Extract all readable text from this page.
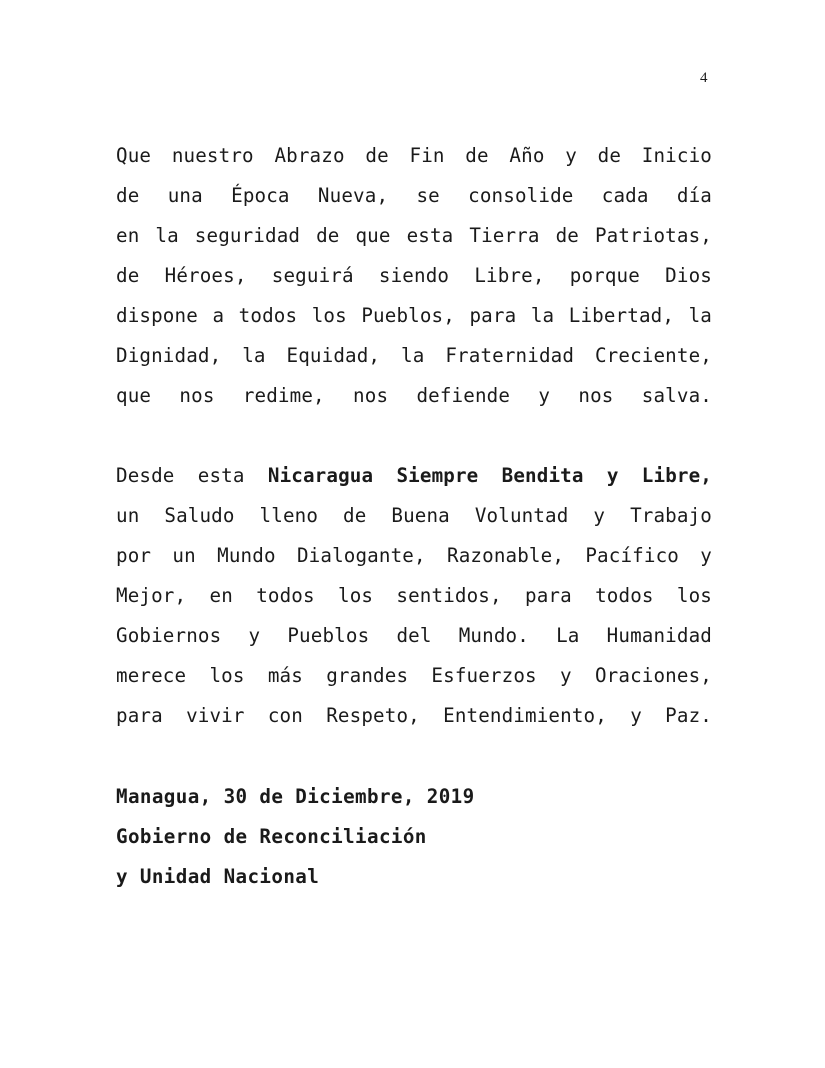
4
Que nuestro Abrazo de Fin de Año y de Inicio
de una Época Nueva, se consolide cada día
en la seguridad de que esta Tierra de Patriotas,
de Héroes, seguirá siendo Libre, porque Dios
dispone a todos los Pueblos, para la Libertad, la
Dignidad, la Equidad, la Fraternidad Creciente,
que nos redime, nos defiende y nos salva.
Desde esta Nicaragua Siempre Bendita y Libre,
un Saludo lleno de Buena Voluntad y Trabajo
por un Mundo Dialogante, Razonable, Pacífico y
Mejor, en todos los sentidos, para todos los
Gobiernos y Pueblos del Mundo. La Humanidad
merece los más grandes Esfuerzos y Oraciones,
para vivir con Respeto, Entendimiento, y Paz.
Managua, 30 de Diciembre, 2019
Gobierno de Reconciliación
y Unidad Nacional
